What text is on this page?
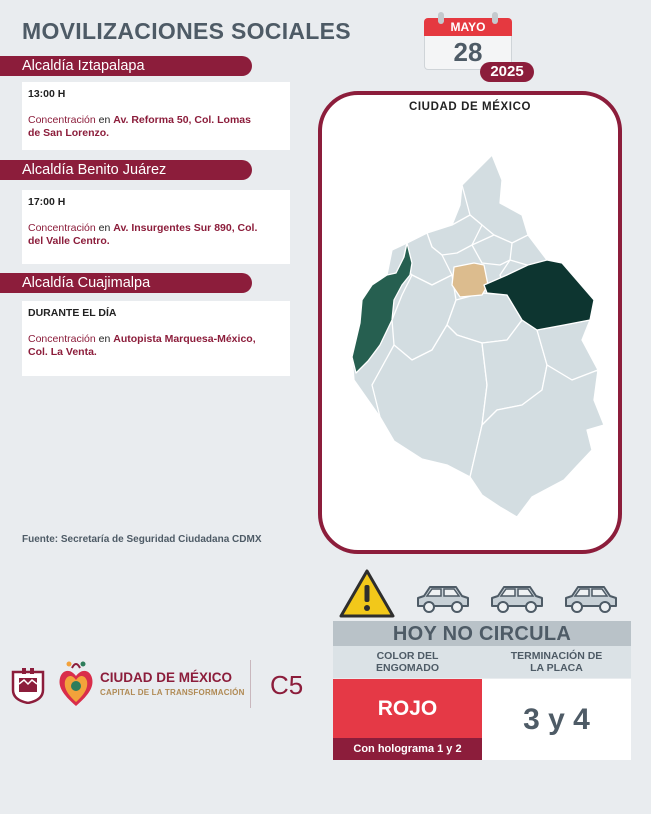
MOVILIZACIONES SOCIALES	MAYO
28
2025
Alcaldía Iztapalapa
13:00 H
Concentración en Av. Reforma 50, Col. Lomas
de San Lorenzo.
Alcaldía Benito Juárez
17:00 H
Concentración en Av. Insurgentes Sur 890, Col.
del Valle Centro.
Alcaldía Cuajimalpa
DURANTE EL DÍA
Concentración en Autopista Marquesa-México,
Col. La Venta.
CIUDAD DE MÉXICO
Fuente: Secretaría de Seguridad Ciudadana CDMX
HOY NO CIRCULA
COLOR DEL
ENGOMADO
TERMINACIÓN DE
LA PLACA
ROJO
Con holograma 1 y 2
3 y 4
CIUDAD DE MÉXICO
CAPITAL DE LA TRANSFORMACIÓN C5
